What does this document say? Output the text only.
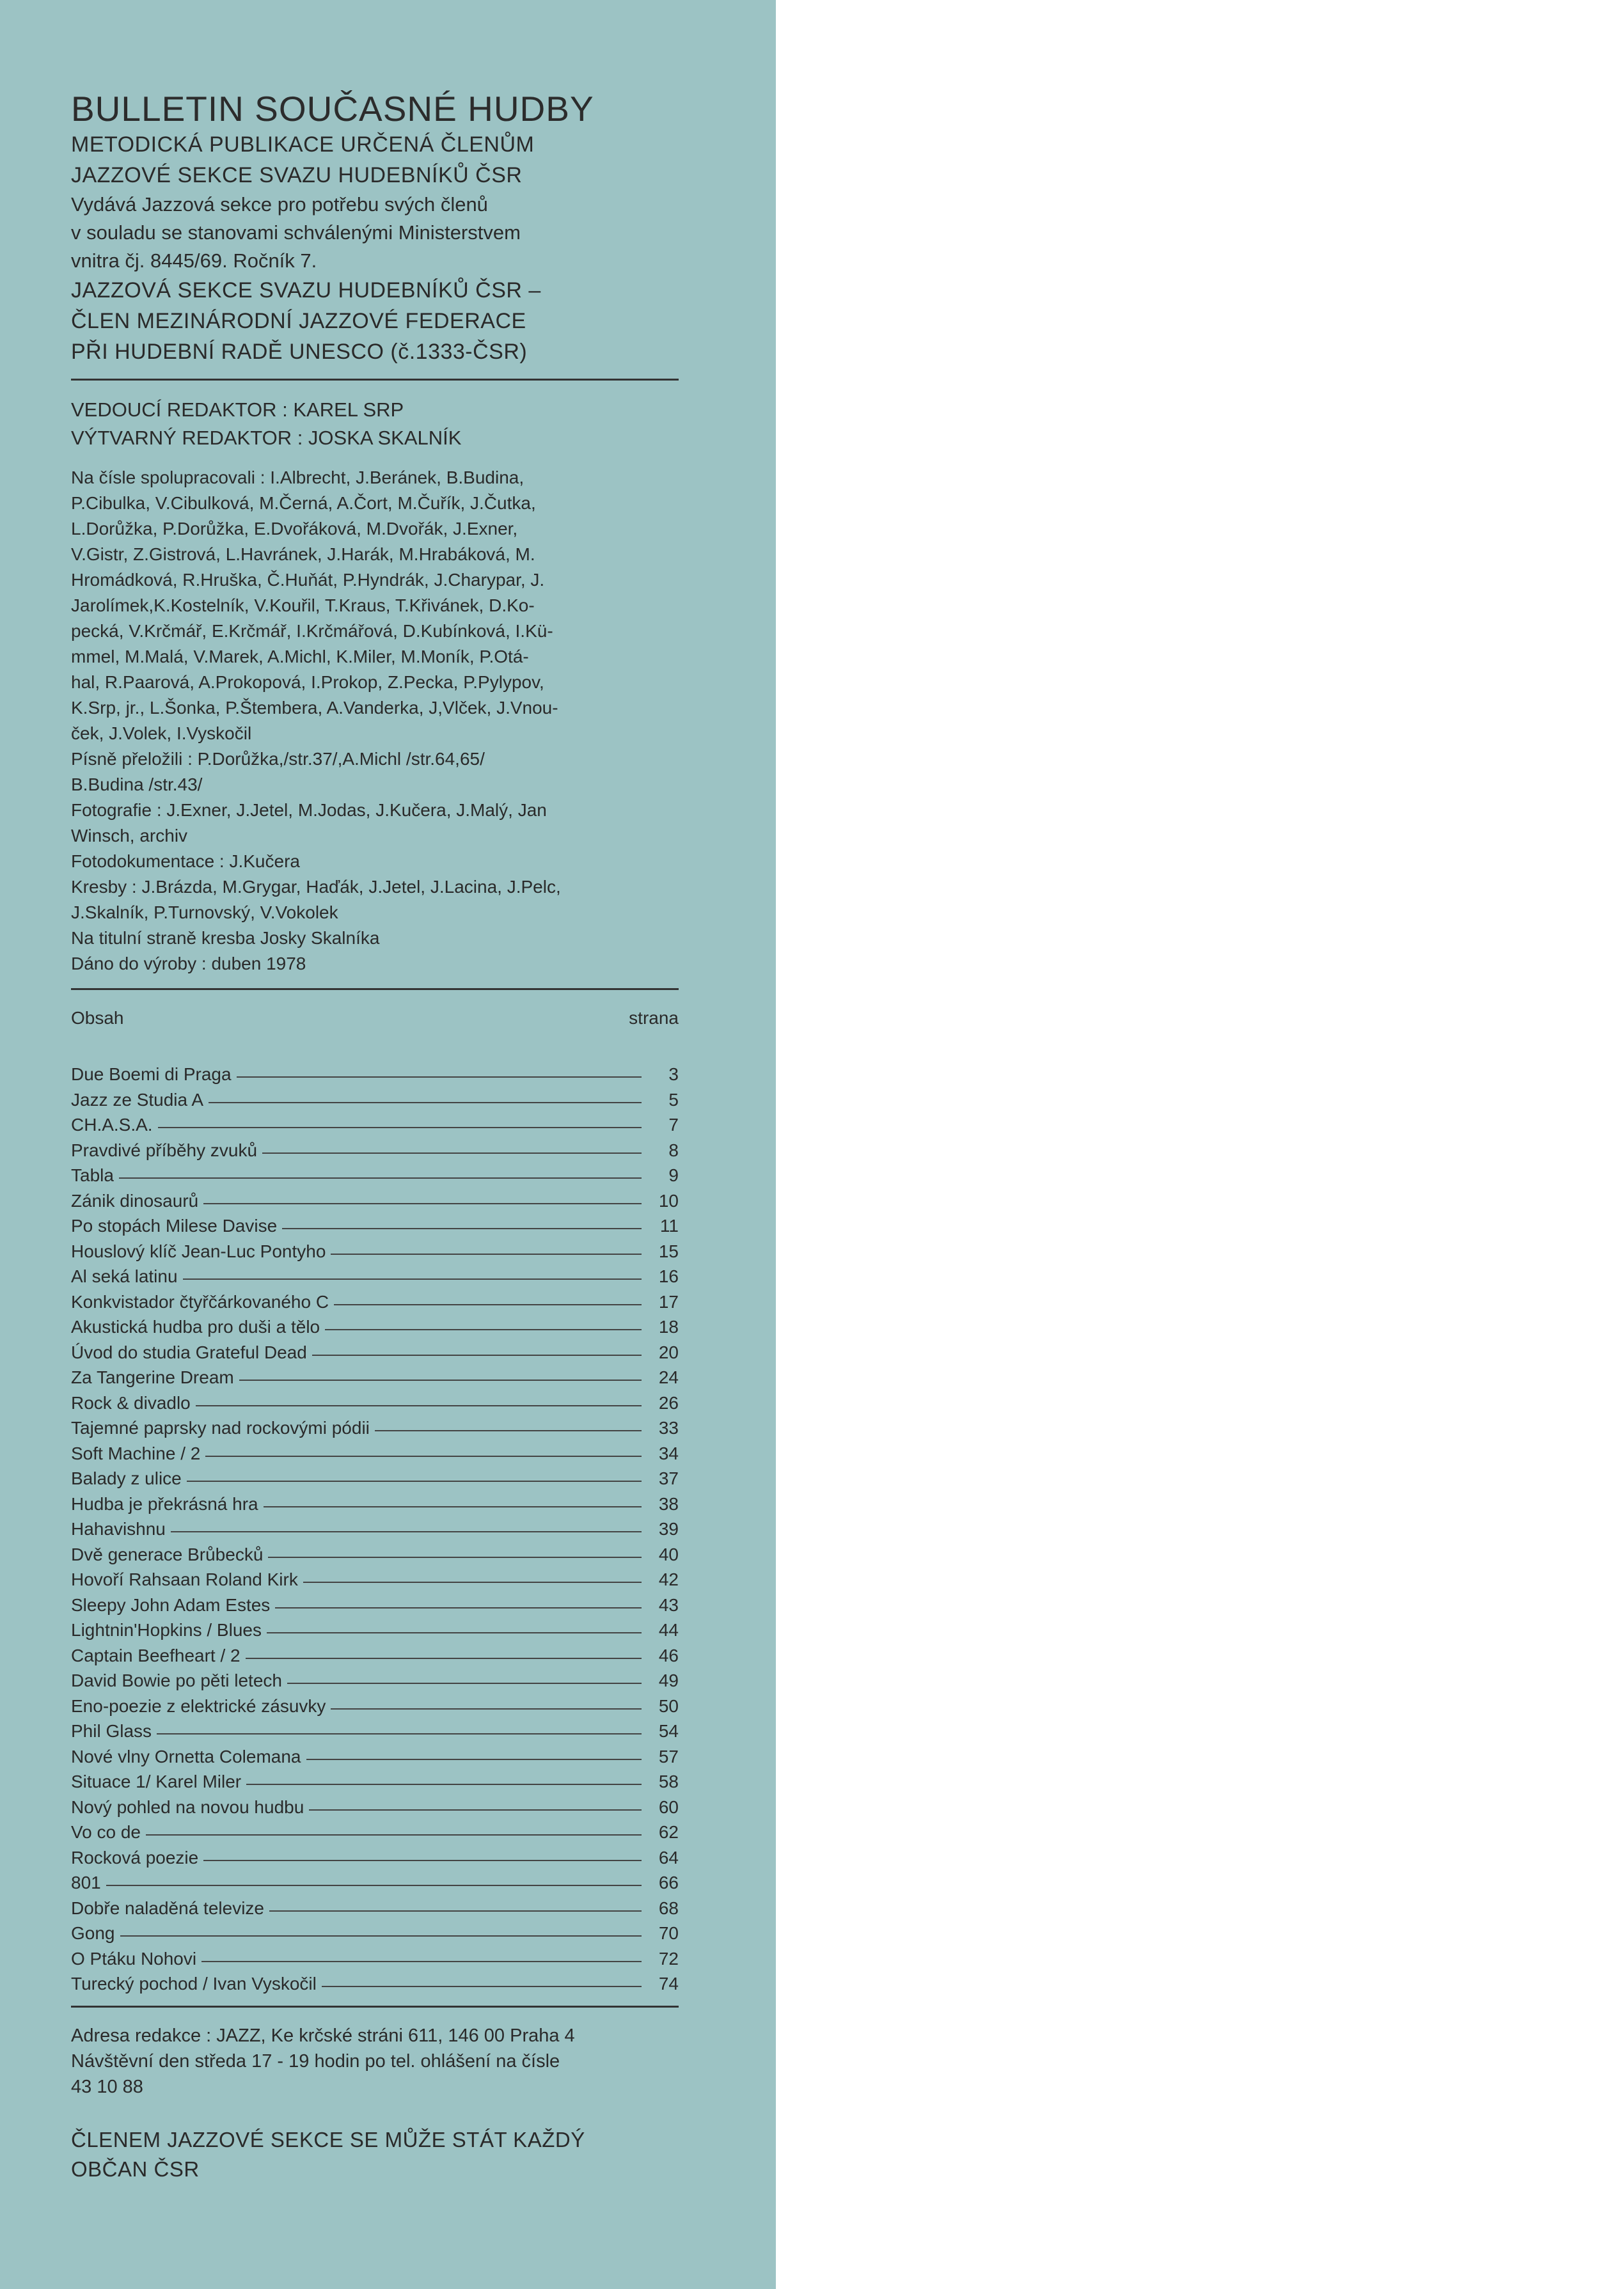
BULLETIN SOUČASNÉ HUDBY

METODICKÁ PUBLIKACE URČENÁ ČLENŮM

JAZZOVÉ SEKCE SVAZU HUDEBNÍKŮ ČSR

Vydává Jazzová sekce pro potřebu svých členů

v souladu se stanovami schválenými Ministerstvem

vnitra čj. 8445/69. Ročník 7.

JAZZOVÁ SEKCE SVAZU HUDEBNÍKŮ ČSR –

ČLEN MEZINÁRODNÍ JAZZOVÉ FEDERACE

PŘI HUDEBNÍ RADĚ UNESCO (č.1333-ČSR)

VEDOUCÍ REDAKTOR : KAREL SRP

VÝTVARNÝ REDAKTOR : JOSKA SKALNÍK

Na čísle spolupracovali : I.Albrecht, J.Beránek, B.Budina,

P.Cibulka, V.Cibulková, M.Černá, A.Čort, M.Čuřík, J.Čutka,

L.Dorůžka, P.Dorůžka, E.Dvořáková, M.Dvořák, J.Exner,

V.Gistr, Z.Gistrová, L.Havránek, J.Harák, M.Hrabáková, M.

Hromádková, R.Hruška, Č.Huňát, P.Hyndrák, J.Charypar, J.

Jarolímek,K.Kostelník, V.Kouřil, T.Kraus, T.Křivánek, D.Ko-

pecká, V.Krčmář, E.Krčmář, I.Krčmářová, D.Kubínková, I.Kü-

mmel, M.Malá, V.Marek, A.Michl, K.Miler, M.Moník, P.Otá-

hal, R.Paarová, A.Prokopová, I.Prokop, Z.Pecka, P.Pylypov,

K.Srp, jr., L.Šonka, P.Štembera, A.Vanderka, J,Vlček, J.Vnou-

ček, J.Volek, I.Vyskočil

Písně přeložili : P.Dorůžka,/str.37/,A.Michl /str.64,65/

B.Budina /str.43/

Fotografie : J.Exner, J.Jetel, M.Jodas, J.Kučera, J.Malý, Jan

Winsch, archiv

Fotodokumentace : J.Kučera

Kresby : J.Brázda, M.Grygar, Haďák, J.Jetel, J.Lacina, J.Pelc,

J.Skalník, P.Turnovský, V.Vokolek

Na titulní straně kresba Josky Skalníka

Dáno do výroby : duben 1978

Obsah	strana
Due Boemi di Praga	3
Jazz ze Studia A	5
CH.A.S.A.	7
Pravdivé příběhy zvuků	8
Tabla	9
Zánik dinosaurů	10
Po stopách Milese Davise	11
Houslový klíč Jean-Luc Pontyho	15
Al seká latinu	16
Konkvistador čtyřčárkovaného C	17
Akustická hudba pro duši a tělo	18
Úvod do studia Grateful Dead	20
Za Tangerine Dream	24
Rock & divadlo	26
Tajemné paprsky nad rockovými pódii	33
Soft Machine / 2	34
Balady z ulice	37
Hudba je překrásná hra	38
Hahavishnu	39
Dvě generace Brůbecků	40
Hovoří Rahsaan Roland Kirk	42
Sleepy John Adam Estes	43
Lightnin'Hopkins / Blues	44
Captain Beefheart / 2	46
David Bowie po pěti letech	49
Eno-poezie z elektrické zásuvky	50
Phil Glass	54
Nové vlny Ornetta Colemana	57
Situace 1/ Karel Miler	58
Nový pohled na novou hudbu	60
Vo co de	62
Rocková poezie	64
801	66
Dobře naladěná televize	68
Gong	70
O Ptáku Nohovi	72
Turecký pochod / Ivan Vyskočil	74

Adresa redakce : JAZZ, Ke krčské stráni 611, 146 00 Praha 4

Návštěvní den středa 17 - 19 hodin po tel. ohlášení na čísle

43 10 88

ČLENEM JAZZOVÉ SEKCE SE MŮŽE STÁT KAŽDÝ

OBČAN ČSR
